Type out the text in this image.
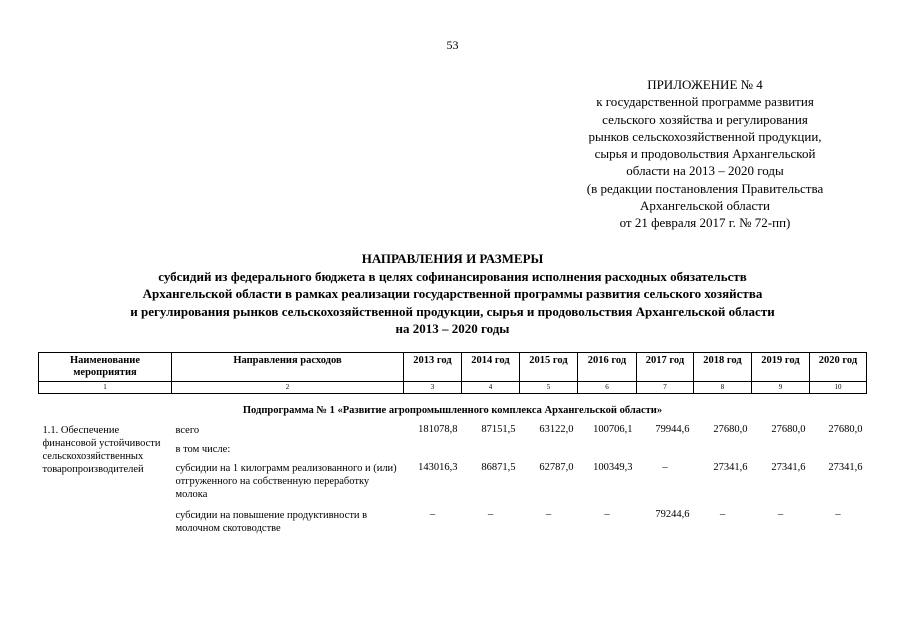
53
ПРИЛОЖЕНИЕ № 4
к государственной программе развития
сельского хозяйства и регулирования
рынков сельскохозяйственной продукции,
сырья и продовольствия Архангельской
области на 2013 – 2020 годы
(в редакции постановления Правительства
Архангельской области
от 21 февраля 2017 г. № 72-пп)
НАПРАВЛЕНИЯ И РАЗМЕРЫ
субсидий из федерального бюджета в целях софинансирования исполнения расходных обязательств
Архангельской области в рамках реализации государственной программы развития сельского хозяйства
и регулирования рынков сельскохозяйственной продукции, сырья и продовольствия Архангельской области
на 2013 – 2020 годы
Наименование мероприятия	Направления расходов	2013 год	2014 год	2015 год	2016 год	2017 год	2018 год	2019 год	2020 год
1	2	3	4	5	6	7	8	9	10
Подпрограмма № 1 «Развитие агропромышленного комплекса Архангельской области»									
1.1. Обеспечение финансовой устойчивости сельскохозяйственных товаропроизводителей	всего	181078,8	87151,5	63122,0	100706,1	79944,6	27680,0	27680,0	27680,0
	в том числе:								
	субсидии на 1 килограмм реализованного и (или) отгруженного на собственную переработку молока	143016,3	86871,5	62787,0	100349,3	–	27341,6	27341,6	27341,6
	субсидии на повышение продуктивности в молочном скотоводстве	–	–	–	–	79244,6	–	–	–
